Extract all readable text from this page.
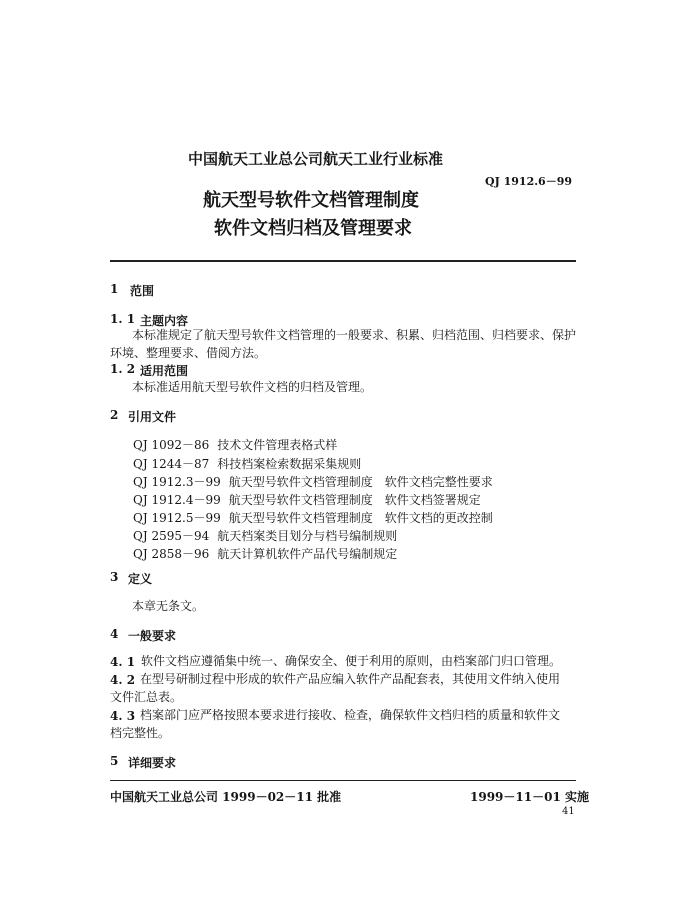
中国航天工业总公司航天工业行业标准
QJ 1912.6－99
航天型号软件文档管理制度
软件文档归档及管理要求
1 范围
1. 1 主题内容
本标准规定了航天型号软件文档管理的一般要求、积累、归档范围、归档要求、保护环境、整理要求、借阅方法。
1. 2 适用范围
本标准适用航天型号软件文档的归档及管理。
2 引用文件
QJ 1092－86 技术文件管理表格式样
QJ 1244－87 科技档案检索数据采集规则
QJ 1912.3－99 航天型号软件文档管理制度　软件文档完整性要求
QJ 1912.4－99 航天型号软件文档管理制度　软件文档签署规定
QJ 1912.5－99 航天型号软件文档管理制度　软件文档的更改控制
QJ 2595－94 航天档案类目划分与档号编制规则
QJ 2858－96 航天计算机软件产品代号编制规定
3 定义
本章无条文。
4 一般要求
4. 1 软件文档应遵循集中统一、确保安全、便于利用的原则，由档案部门归口管理。
4. 2 在型号研制过程中形成的软件产品应编入软件产品配套表，其使用文件纳入使用文件汇总表。
4. 3 档案部门应严格按照本要求进行接收、检查，确保软件文档归档的质量和软件文档完整性。
5 详细要求
中国航天工业总公司 1999－02－11 批准	1999－11－01 实施
41
